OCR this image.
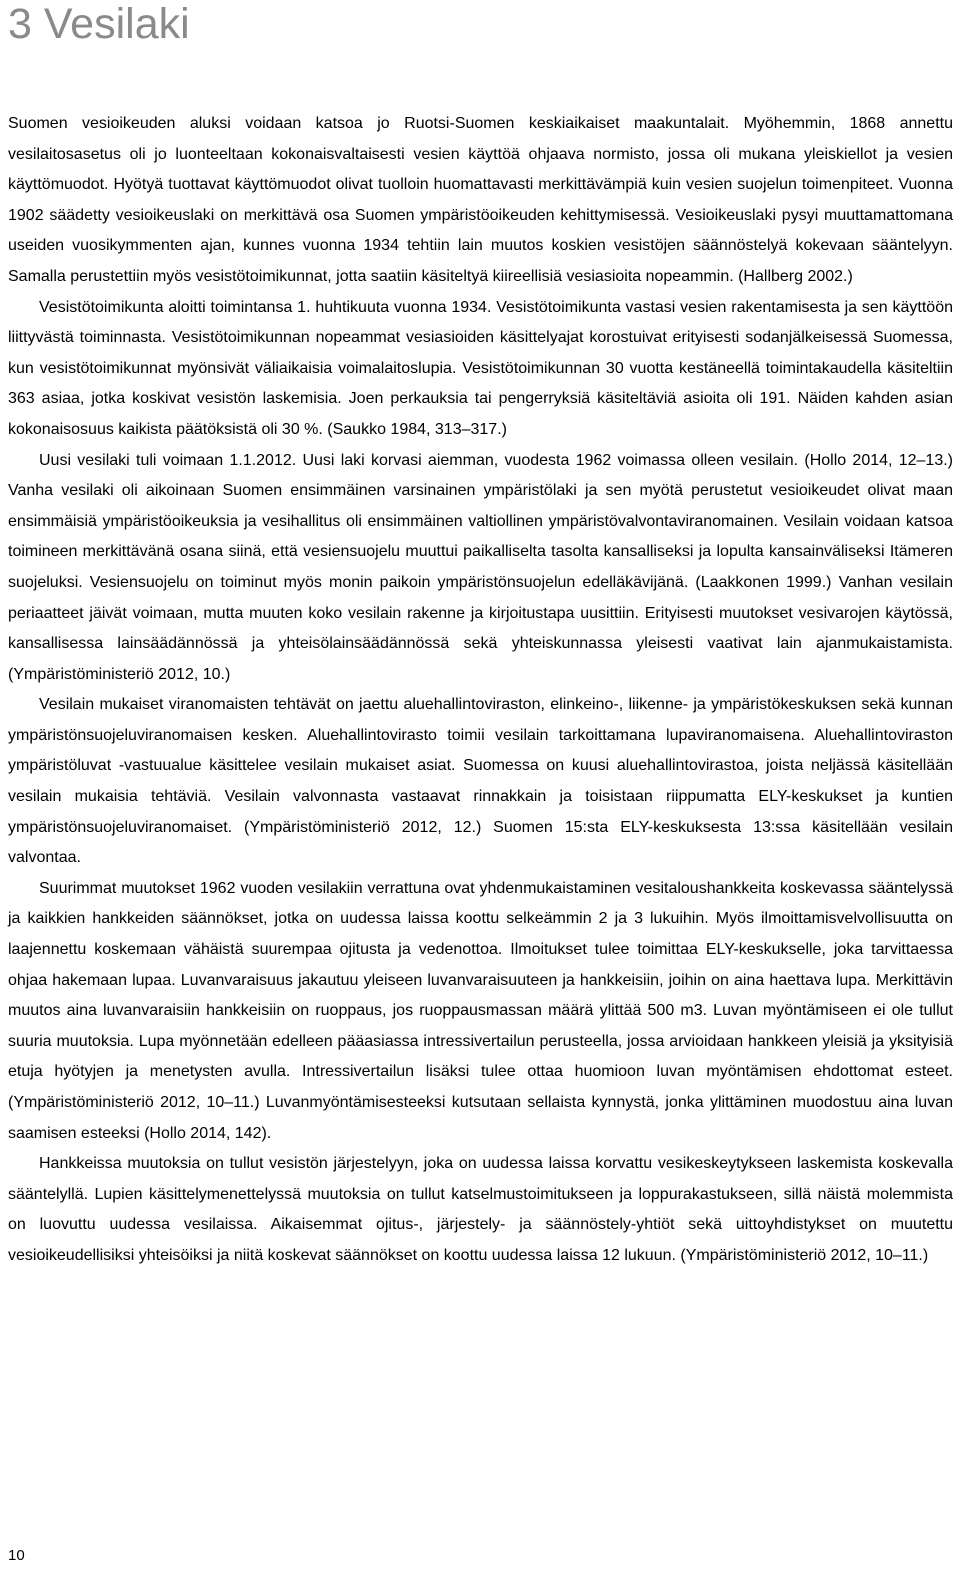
3 Vesilaki

Suomen vesioikeuden aluksi voidaan katsoa jo Ruotsi-Suomen keskiaikaiset maakuntalait. Myöhemmin, 1868 annettu vesilaitosasetus oli jo luonteeltaan kokonaisvaltaisesti vesien käyttöä ohjaava normisto, jossa oli mukana yleiskiellot ja vesien käyttömuodot. Hyötyä tuottavat käyttömuodot olivat tuolloin huomattavasti merkittävämpiä kuin vesien suojelun toimenpiteet. Vuonna 1902 säädetty vesioikeuslaki on merkittävä osa Suomen ympäristöoikeuden kehittymisessä. Vesioikeuslaki pysyi muuttamattomana useiden vuosikymmenten ajan, kunnes vuonna 1934 tehtiin lain muutos koskien vesistöjen säännöstelyä kokevaan sääntelyyn. Samalla perustettiin myös vesistötoimikunnat, jotta saatiin käsiteltyä kiireellisiä vesiasioita nopeammin. (Hallberg 2002.)

Vesistötoimikunta aloitti toimintansa 1. huhtikuuta vuonna 1934. Vesistötoimikunta vastasi vesien rakentamisesta ja sen käyttöön liittyvästä toiminnasta. Vesistötoimikunnan nopeammat vesiasioiden käsittelyajat korostuivat erityisesti sodanjälkeisessä Suomessa, kun vesistötoimikunnat myönsivät väliaikaisia voimalaitoslupia. Vesistötoimikunnan 30 vuotta kestäneellä toimintakaudella käsiteltiin 363 asiaa, jotka koskivat vesistön laskemisia. Joen perkauksia tai pengerryksiä käsiteltäviä asioita oli 191. Näiden kahden asian kokonaisosuus kaikista päätöksistä oli 30 %. (Saukko 1984, 313–317.)

Uusi vesilaki tuli voimaan 1.1.2012. Uusi laki korvasi aiemman, vuodesta 1962 voimassa olleen vesilain. (Hollo 2014, 12–13.) Vanha vesilaki oli aikoinaan Suomen ensimmäinen varsinainen ympäristölaki ja sen myötä perustetut vesioikeudet olivat maan ensimmäisiä ympäristöoikeuksia ja vesihallitus oli ensimmäinen valtiollinen ympäristövalvontaviranomainen. Vesilain voidaan katsoa toimineen merkittävänä osana siinä, että vesiensuojelu muuttui paikalliselta tasolta kansalliseksi ja lopulta kansainväliseksi Itämeren suojeluksi. Vesiensuojelu on toiminut myös monin paikoin ympäristönsuojelun edelläkävijänä. (Laakkonen 1999.) Vanhan vesilain periaatteet jäivät voimaan, mutta muuten koko vesilain rakenne ja kirjoitustapa uusittiin. Erityisesti muutokset vesivarojen käytössä, kansallisessa lainsäädännössä ja yhteisölainsäädännössä sekä yhteiskunnassa yleisesti vaativat lain ajanmukaistamista. (Ympäristöministeriö 2012, 10.)

Vesilain mukaiset viranomaisten tehtävät on jaettu aluehallintoviraston, elinkeino-, liikenne- ja ympäristökeskuksen sekä kunnan ympäristönsuojeluviranomaisen kesken. Aluehallintovirasto toimii vesilain tarkoittamana lupaviranomaisena. Aluehallintoviraston ympäristöluvat -vastuualue käsittelee vesilain mukaiset asiat. Suomessa on kuusi aluehallintovirastoa, joista neljässä käsitellään vesilain mukaisia tehtäviä. Vesilain valvonnasta vastaavat rinnakkain ja toisistaan riippumatta ELY-keskukset ja kuntien ympäristönsuojeluviranomaiset. (Ympäristöministeriö 2012, 12.) Suomen 15:sta ELY-keskuksesta 13:ssa käsitellään vesilain valvontaa.

Suurimmat muutokset 1962 vuoden vesilakiin verrattuna ovat yhdenmukaistaminen vesitaloushankkeita koskevassa sääntelyssä ja kaikkien hankkeiden säännökset, jotka on uudessa laissa koottu selkeämmin 2 ja 3 lukuihin. Myös ilmoittamisvelvollisuutta on laajennettu koskemaan vähäistä suurempaa ojitusta ja vedenottoa. Ilmoitukset tulee toimittaa ELY-keskukselle, joka tarvittaessa ohjaa hakemaan lupaa. Luvanvaraisuus jakautuu yleiseen luvanvaraisuuteen ja hankkeisiin, joihin on aina haettava lupa. Merkittävin muutos aina luvanvaraisiin hankkeisiin on ruoppaus, jos ruoppausmassan määrä ylittää 500 m3. Luvan myöntämiseen ei ole tullut suuria muutoksia. Lupa myönnetään edelleen pääasiassa intressivertailun perusteella, jossa arvioidaan hankkeen yleisiä ja yksityisiä etuja hyötyjen ja menetysten avulla. Intressivertailun lisäksi tulee ottaa huomioon luvan myöntämisen ehdottomat esteet. (Ympäristöministeriö 2012, 10–11.) Luvanmyöntämisesteeksi kutsutaan sellaista kynnystä, jonka ylittäminen muodostuu aina luvan saamisen esteeksi (Hollo 2014, 142).

Hankkeissa muutoksia on tullut vesistön järjestelyyn, joka on uudessa laissa korvattu vesikeskeytykseen laskemista koskevalla sääntelyllä. Lupien käsittelymenettelyssä muutoksia on tullut katselmustoimitukseen ja loppurakastukseen, sillä näistä molemmista on luovuttu uudessa vesilaissa. Aikaisemmat ojitus-, järjestely- ja säännöstely-yhtiöt sekä uittoyhdistykset on muutettu vesioikeudellisiksi yhteisöiksi ja niitä koskevat säännökset on koottu uudessa laissa 12 lukuun. (Ympäristöministeriö 2012, 10–11.)

10
